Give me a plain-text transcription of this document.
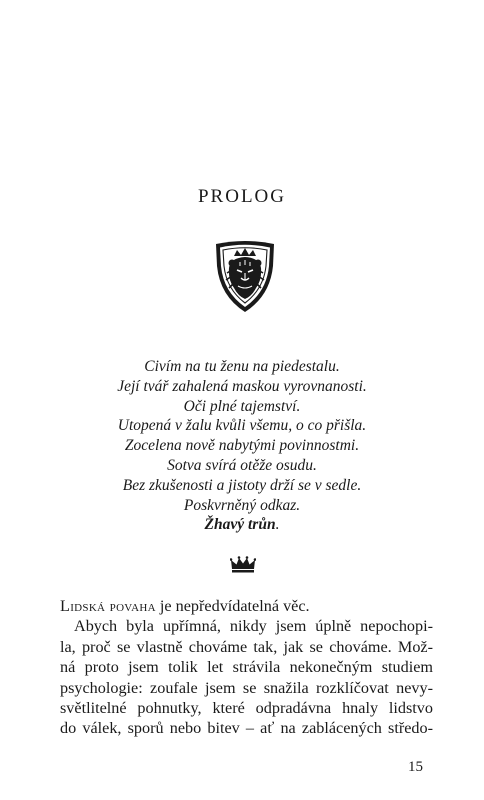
PROLOG
Civím na tu ženu na piedestalu.
Její tvář zahalená maskou vyrovnanosti.
Oči plné tajemství.
Utopená v žalu kvůli všemu, o co přišla.
Zocelena nově nabytými povinnostmi.
Sotva svírá otěže osudu.
Bez zkušenosti a jistoty drží se v sedle.
Poskvrněný odkaz.
Žhavý trůn.
Lidská povaha je nepředvídatelná věc.
Abych byla upřímná, nikdy jsem úplně nepochopi-
la, proč se vlastně chováme tak, jak se chováme. Mož-
ná proto jsem tolik let strávila nekonečným studiem
psychologie: zoufale jsem se snažila rozklíčovat nevy-
světlitelné pohnutky, které odpradávna hnaly lidstvo
do válek, sporů nebo bitev – ať na zablácených středo-
15
